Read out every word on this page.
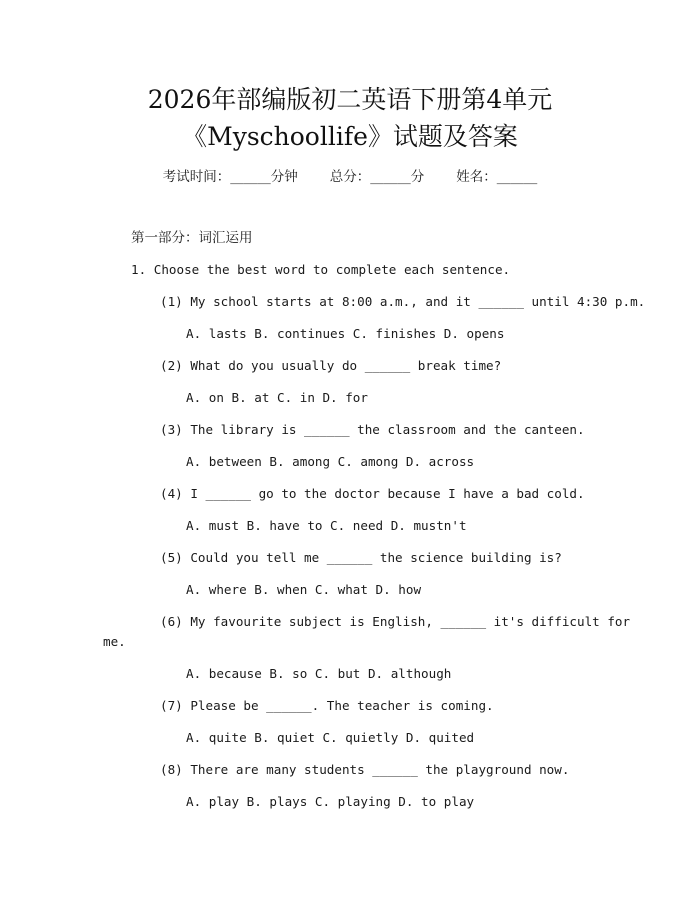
2026年部编版初二英语下册第4单元
《Myschoollife》试题及答案
考试时间：______分钟 总分：______分 姓名：______
第一部分：词汇运用
1. Choose the best word to complete each sentence.
(1) My school starts at 8:00 a.m., and it ______ until 4:30 p.m.
A. lasts B. continues C. finishes D. opens
(2) What do you usually do ______ break time?
A. on B. at C. in D. for
(3) The library is ______ the classroom and the canteen.
A. between B. among C. among D. across
(4) I ______ go to the doctor because I have a bad cold.
A. must B. have to C. need D. mustn't
(5) Could you tell me ______ the science building is?
A. where B. when C. what D. how
(6) My favourite subject is English, ______ it's difficult for
me.
A. because B. so C. but D. although
(7) Please be ______. The teacher is coming.
A. quite B. quiet C. quietly D. quited
(8) There are many students ______ the playground now.
A. play B. plays C. playing D. to play
